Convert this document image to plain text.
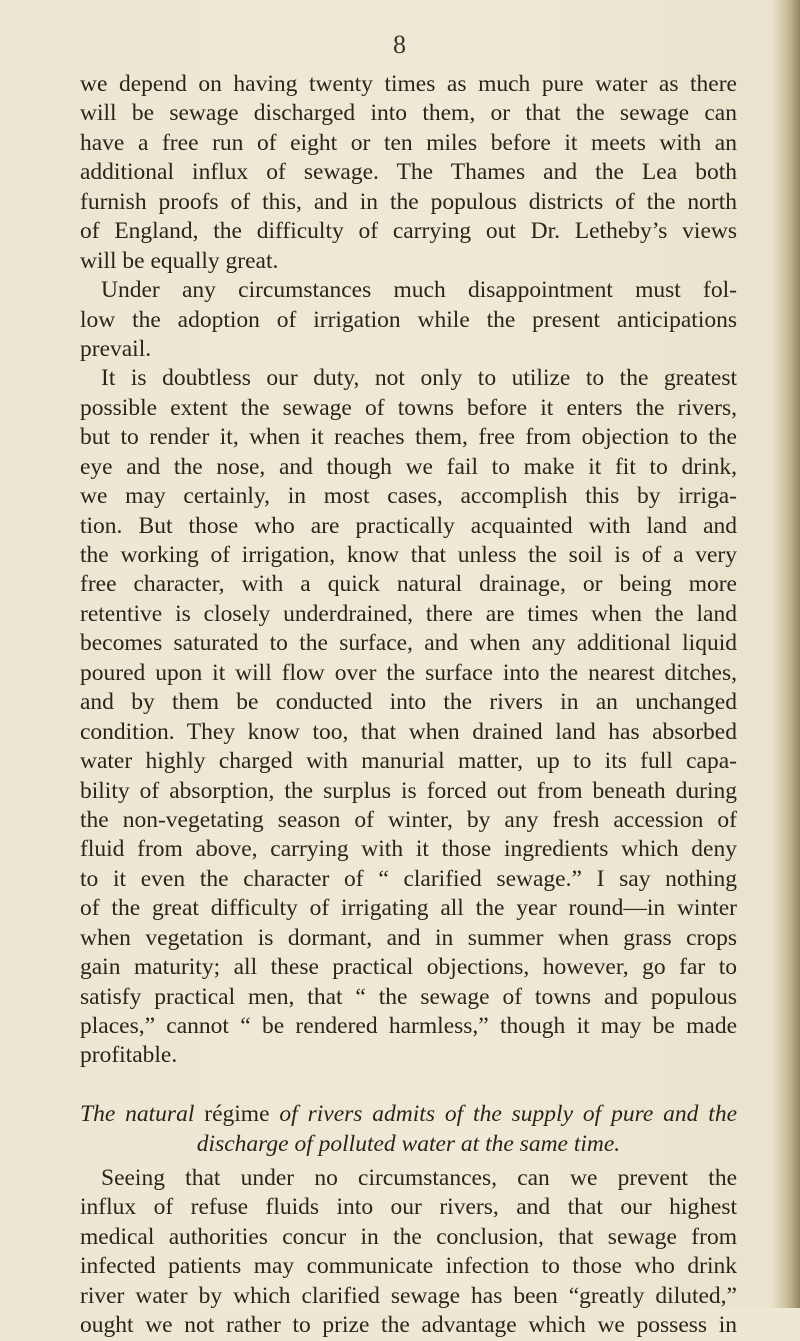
8
we depend on having twenty times as much pure water as there
will be sewage discharged into them, or that the sewage can
have a free run of eight or ten miles before it meets with an
additional influx of sewage. The Thames and the Lea both
furnish proofs of this, and in the populous districts of the north
of England, the difficulty of carrying out Dr. Letheby’s views
will be equally great.
Under any circumstances much disappointment must fol-
low the adoption of irrigation while the present anticipations
prevail.
It is doubtless our duty, not only to utilize to the greatest
possible extent the sewage of towns before it enters the rivers,
but to render it, when it reaches them, free from objection to the
eye and the nose, and though we fail to make it fit to drink,
we may certainly, in most cases, accomplish this by irriga-
tion. But those who are practically acquainted with land and
the working of irrigation, know that unless the soil is of a very
free character, with a quick natural drainage, or being more
retentive is closely underdrained, there are times when the land
becomes saturated to the surface, and when any additional liquid
poured upon it will flow over the surface into the nearest ditches,
and by them be conducted into the rivers in an unchanged
condition. They know too, that when drained land has absorbed
water highly charged with manurial matter, up to its full capa-
bility of absorption, the surplus is forced out from beneath during
the non-vegetating season of winter, by any fresh accession of
fluid from above, carrying with it those ingredients which deny
to it even the character of “ clarified sewage.” I say nothing
of the great difficulty of irrigating all the year round—in winter
when vegetation is dormant, and in summer when grass crops
gain maturity; all these practical objections, however, go far to
satisfy practical men, that “ the sewage of towns and populous
places,” cannot “ be rendered harmless,” though it may be made
profitable.
The natural régime of rivers admits of the supply of pure and the
discharge of polluted water at the same time.
Seeing that under no circumstances, can we prevent the
influx of refuse fluids into our rivers, and that our highest
medical authorities concur in the conclusion, that sewage from
infected patients may communicate infection to those who drink
river water by which clarified sewage has been “greatly diluted,”
ought we not rather to prize the advantage which we possess in
